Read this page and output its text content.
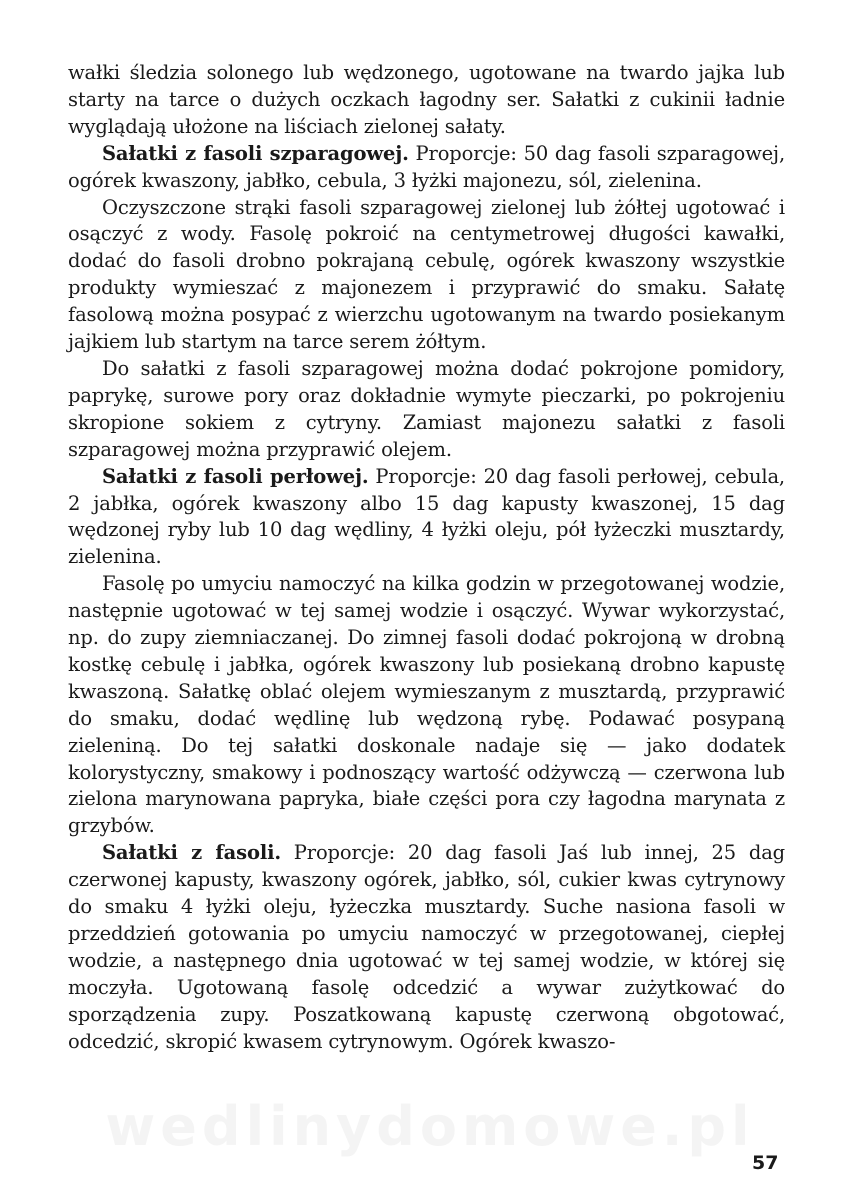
wałki śledzia solonego lub wędzonego, ugotowane na twardo jajka lub starty na tarce o dużych oczkach łagodny ser. Sałatki z cukinii ładnie wyglądają ułożone na liściach zielonej sałaty.

Sałatki z fasoli szparagowej. Proporcje: 50 dag fasoli szparagowej, ogórek kwaszony, jabłko, cebula, 3 łyżki majonezu, sól, zielenina.

Oczyszczone strąki fasoli szparagowej zielonej lub żółtej ugotować i osączyć z wody. Fasolę pokroić na centymetrowej długości kawałki, dodać do fasoli drobno pokrajaną cebulę, ogórek kwaszony wszystkie produkty wymieszać z majonezem i przyprawić do smaku. Sałatę fasolową można posypać z wierzchu ugotowanym na twardo posiekanym jajkiem lub startym na tarce serem żółtym.

Do sałatki z fasoli szparagowej można dodać pokrojone pomidory, paprykę, surowe pory oraz dokładnie wymyte pieczarki, po pokrojeniu skropione sokiem z cytryny. Zamiast majonezu sałatki z fasoli szparagowej można przyprawić olejem.

Sałatki z fasoli perłowej. Proporcje: 20 dag fasoli perłowej, cebula, 2 jabłka, ogórek kwaszony albo 15 dag kapusty kwaszonej, 15 dag wędzonej ryby lub 10 dag wędliny, 4 łyżki oleju, pół łyżeczki musztardy, zielenina.

Fasolę po umyciu namoczyć na kilka godzin w przegotowanej wodzie, następnie ugotować w tej samej wodzie i osączyć. Wywar wykorzystać, np. do zupy ziemniaczanej. Do zimnej fasoli dodać pokrojoną w drobną kostkę cebulę i jabłka, ogórek kwaszony lub posiekaną drobno kapustę kwaszoną. Sałatkę oblać olejem wymieszanym z musztardą, przyprawić do smaku, dodać wędlinę lub wędzoną rybę. Podawać posypaną zieleniną. Do tej sałatki doskonale nadaje się — jako dodatek kolorystyczny, smakowy i podnoszący wartość odżywczą — czerwona lub zielona marynowana papryka, białe części pora czy łagodna marynata z grzybów.

Sałatki z fasoli. Proporcje: 20 dag fasoli Jaś lub innej, 25 dag czerwonej kapusty, kwaszony ogórek, jabłko, sól, cukier kwas cytrynowy do smaku 4 łyżki oleju, łyżeczka musztardy. Suche nasiona fasoli w przeddzień gotowania po umyciu namoczyć w przegotowanej, ciepłej wodzie, a następnego dnia ugotować w tej samej wodzie, w której się moczyła. Ugotowaną fasolę odcedzić a wywar zużytkować do sporządzenia zupy. Poszatkowaną kapustę czerwoną obgotować, odcedzić, skropić kwasem cytrynowym. Ogórek kwaszo-

wedlinydomowe.pl
57
